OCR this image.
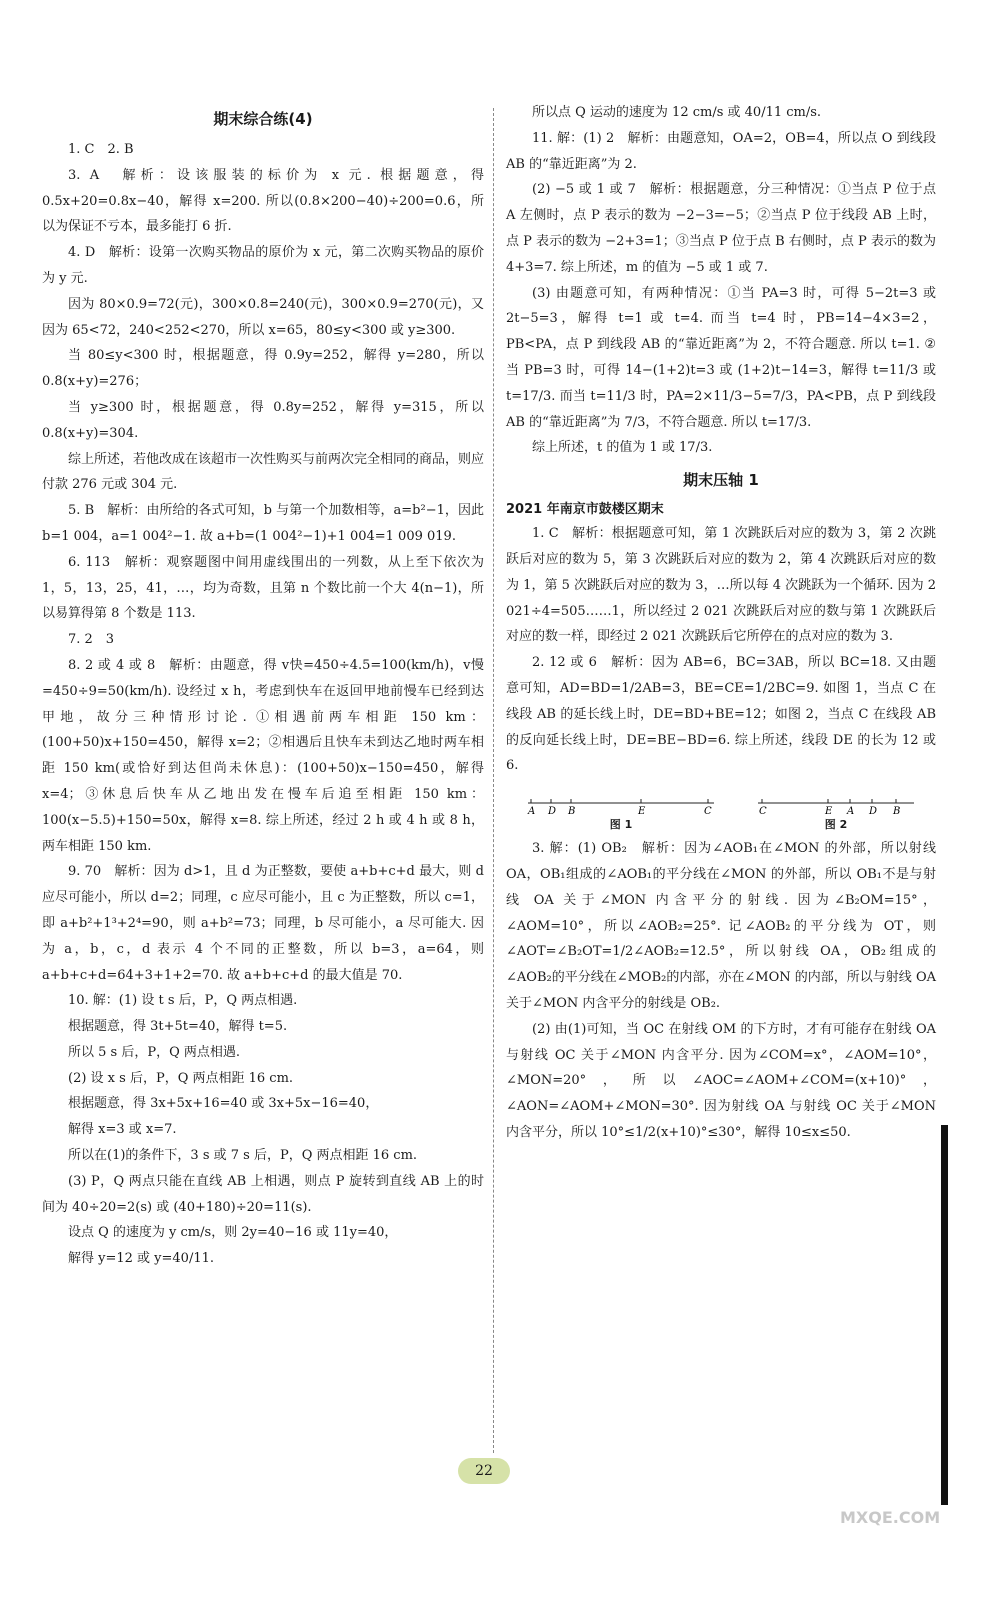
期末综合练(4)

1. C　2. B

3. A　解析：设该服装的标价为 x 元. 根据题意，得 0.5x+20=0.8x−40，解得 x=200. 所以(0.8×200−40)÷200=0.6，所以为保证不亏本，最多能打 6 折.

4. D　解析：设第一次购买物品的原价为 x 元，第二次购买物品的原价为 y 元.

因为 80×0.9=72(元)，300×0.8=240(元)，300×0.9=270(元)，又因为 65<72，240<252<270，所以 x=65，80≤y<300 或 y≥300.

当 80≤y<300 时，根据题意，得 0.9y=252，解得 y=280，所以 0.8(x+y)=276；

当 y≥300 时，根据题意，得 0.8y=252，解得 y=315，所以 0.8(x+y)=304.

综上所述，若他改成在该超市一次性购买与前两次完全相同的商品，则应付款 276 元或 304 元.

5. B　解析：由所给的各式可知，b 与第一个加数相等，a=b²−1，因此 b=1 004，a=1 004²−1. 故 a+b=(1 004²−1)+1 004=1 009 019.

6. 113　解析：观察题图中间用虚线围出的一列数，从上至下依次为 1，5，13，25，41，…，均为奇数，且第 n 个数比前一个大 4(n−1)，所以易算得第 8 个数是 113.

7. 2　3

8. 2 或 4 或 8　解析：由题意，得 v快=450÷4.5=100(km/h)，v慢=450÷9=50(km/h). 设经过 x h，考虑到快车在返回甲地前慢车已经到达甲地，故分三种情形讨论. ①相遇前两车相距 150 km：(100+50)x+150=450，解得 x=2；②相遇后且快车未到达乙地时两车相距 150 km(或恰好到达但尚未休息)：(100+50)x−150=450，解得 x=4；③休息后快车从乙地出发在慢车后追至相距 150 km：100(x−5.5)+150=50x，解得 x=8. 综上所述，经过 2 h 或 4 h 或 8 h，两车相距 150 km.

9. 70　解析：因为 d>1，且 d 为正整数，要使 a+b+c+d 最大，则 d 应尽可能小，所以 d=2；同理，c 应尽可能小，且 c 为正整数，所以 c=1，即 a+b²+1³+2⁴=90，则 a+b²=73；同理，b 尽可能小，a 尽可能大. 因为 a，b，c，d 表示 4 个不同的正整数，所以 b=3，a=64，则 a+b+c+d=64+3+1+2=70. 故 a+b+c+d 的最大值是 70.

10. 解：(1) 设 t s 后，P，Q 两点相遇.

根据题意，得 3t+5t=40，解得 t=5.

所以 5 s 后，P，Q 两点相遇.

(2) 设 x s 后，P，Q 两点相距 16 cm.

根据题意，得 3x+5x+16=40 或 3x+5x−16=40，

解得 x=3 或 x=7.

所以在(1)的条件下，3 s 或 7 s 后，P，Q 两点相距 16 cm.

(3) P，Q 两点只能在直线 AB 上相遇，则点 P 旋转到直线 AB 上的时间为 40÷20=2(s) 或 (40+180)÷20=11(s).

设点 Q 的速度为 y cm/s，则 2y=40−16 或 11y=40，

解得 y=12 或 y=40/11.

所以点 Q 运动的速度为 12 cm/s 或 40/11 cm/s.

11. 解：(1) 2　解析：由题意知，OA=2，OB=4，所以点 O 到线段 AB 的“靠近距离”为 2.

(2) −5 或 1 或 7　解析：根据题意，分三种情况：①当点 P 位于点 A 左侧时，点 P 表示的数为 −2−3=−5；②当点 P 位于线段 AB 上时，点 P 表示的数为 −2+3=1；③当点 P 位于点 B 右侧时，点 P 表示的数为 4+3=7. 综上所述，m 的值为 −5 或 1 或 7.

(3) 由题意可知，有两种情况：①当 PA=3 时，可得 5−2t=3 或 2t−5=3，解得 t=1 或 t=4. 而当 t=4 时，PB=14−4×3=2，PB<PA，点 P 到线段 AB 的“靠近距离”为 2，不符合题意. 所以 t=1. ②当 PB=3 时，可得 14−(1+2)t=3 或 (1+2)t−14=3，解得 t=11/3 或 t=17/3. 而当 t=11/3 时，PA=2×11/3−5=7/3，PA<PB，点 P 到线段 AB 的“靠近距离”为 7/3，不符合题意. 所以 t=17/3.

综上所述，t 的值为 1 或 17/3.

期末压轴 1
2021 年南京市鼓楼区期末

1. C　解析：根据题意可知，第 1 次跳跃后对应的数为 3，第 2 次跳跃后对应的数为 5，第 3 次跳跃后对应的数为 2，第 4 次跳跃后对应的数为 1，第 5 次跳跃后对应的数为 3，…所以每 4 次跳跃为一个循环. 因为 2 021÷4=505……1，所以经过 2 021 次跳跃后对应的数与第 1 次跳跃后对应的数一样，即经过 2 021 次跳跃后它所停在的点对应的数为 3.

2. 12 或 6　解析：因为 AB=6，BC=3AB，所以 BC=18. 又由题意可知，AD=BD=1/2AB=3，BE=CE=1/2BC=9. 如图 1，当点 C 在线段 AB 的延长线上时，DE=BD+BE=12；如图 2，当点 C 在线段 AB 的反向延长线上时，DE=BE−BD=6. 综上所述，线段 DE 的长为 12 或 6.

A D B	E	C
图 1
C	E A D B
图 2

3. 解：(1) OB₂　解析：因为∠AOB₁在∠MON 的外部，所以射线 OA，OB₁组成的∠AOB₁的平分线在∠MON 的外部，所以 OB₁不是与射线 OA 关于∠MON 内含平分的射线. 因为∠B₂OM=15°，∠AOM=10°，所以∠AOB₂=25°. 记∠AOB₂的平分线为 OT，则∠AOT=∠B₂OT=1/2∠AOB₂=12.5°，所以射线 OA，OB₂组成的∠AOB₂的平分线在∠MOB₂的内部，亦在∠MON 的内部，所以与射线 OA 关于∠MON 内含平分的射线是 OB₂.

(2) 由(1)可知，当 OC 在射线 OM 的下方时，才有可能存在射线 OA 与射线 OC 关于∠MON 内含平分. 因为∠COM=x°，∠AOM=10°，∠MON=20°，所以∠AOC=∠AOM+∠COM=(x+10)°，∠AON=∠AOM+∠MON=30°. 因为射线 OA 与射线 OC 关于∠MON 内含平分，所以 10°≤1/2(x+10)°≤30°，解得 10≤x≤50.

22
MXQE.COM
